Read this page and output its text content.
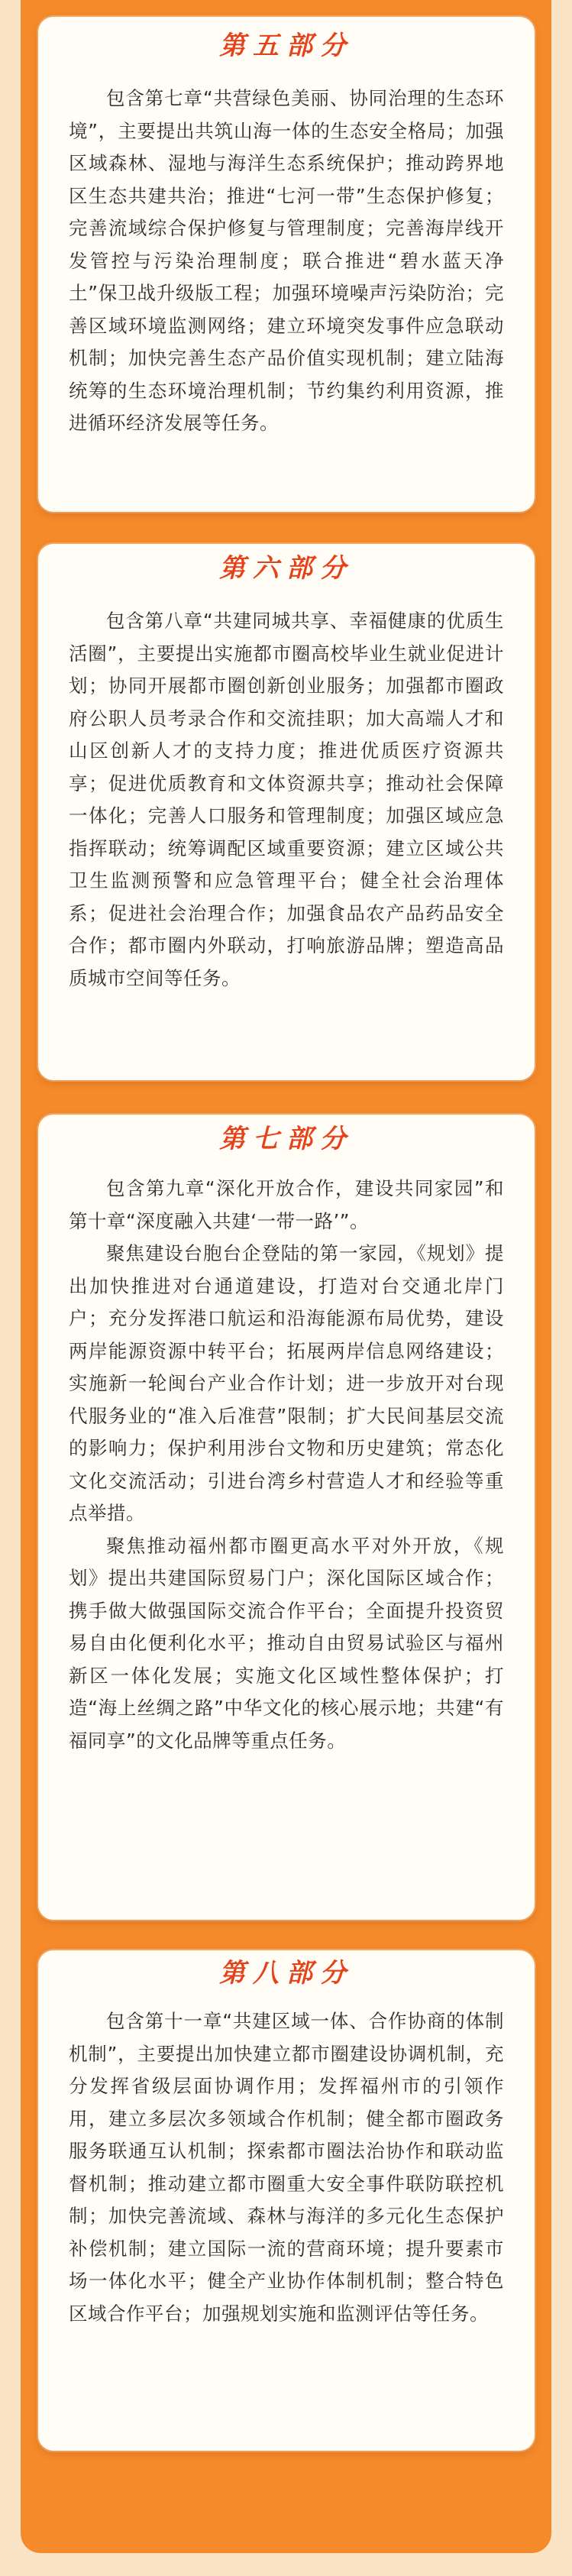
第五部分

包含第七章“共营绿色美丽、协同治理的生态环境”，主要提出共筑山海一体的生态安全格局；加强区域森林、湿地与海洋生态系统保护；推动跨界地区生态共建共治；推进“七河一带”生态保护修复；完善流域综合保护修复与管理制度；完善海岸线开发管控与污染治理制度；联合推进“碧水蓝天净土”保卫战升级版工程；加强环境噪声污染防治；完善区域环境监测网络；建立环境突发事件应急联动机制；加快完善生态产品价值实现机制；建立陆海统筹的生态环境治理机制；节约集约利用资源，推进循环经济发展等任务。

第六部分

包含第八章“共建同城共享、幸福健康的优质生活圈”，主要提出实施都市圈高校毕业生就业促进计划；协同开展都市圈创新创业服务；加强都市圈政府公职人员考录合作和交流挂职；加大高端人才和山区创新人才的支持力度；推进优质医疗资源共享；促进优质教育和文体资源共享；推动社会保障一体化；完善人口服务和管理制度；加强区域应急指挥联动；统筹调配区域重要资源；建立区域公共卫生监测预警和应急管理平台；健全社会治理体系；促进社会治理合作；加强食品农产品药品安全合作；都市圈内外联动，打响旅游品牌；塑造高品质城市空间等任务。

第七部分

包含第九章“深化开放合作，建设共同家园”和第十章“深度融入共建‘一带一路’”。

聚焦建设台胞台企登陆的第一家园，《规划》提出加快推进对台通道建设，打造对台交通北岸门户；充分发挥港口航运和沿海能源布局优势，建设两岸能源资源中转平台；拓展两岸信息网络建设；实施新一轮闽台产业合作计划；进一步放开对台现代服务业的“准入后准营”限制；扩大民间基层交流的影响力；保护利用涉台文物和历史建筑；常态化文化交流活动；引进台湾乡村营造人才和经验等重点举措。

聚焦推动福州都市圈更高水平对外开放，《规划》提出共建国际贸易门户；深化国际区域合作；携手做大做强国际交流合作平台；全面提升投资贸易自由化便利化水平；推动自由贸易试验区与福州新区一体化发展；实施文化区域性整体保护；打造“海上丝绸之路”中华文化的核心展示地；共建“有福同享”的文化品牌等重点任务。

第八部分

包含第十一章“共建区域一体、合作协商的体制机制”，主要提出加快建立都市圈建设协调机制，充分发挥省级层面协调作用；发挥福州市的引领作用，建立多层次多领域合作机制；健全都市圈政务服务联通互认机制；探索都市圈法治协作和联动监督机制；推动建立都市圈重大安全事件联防联控机制；加快完善流域、森林与海洋的多元化生态保护补偿机制；建立国际一流的营商环境；提升要素市场一体化水平；健全产业协作体制机制；整合特色区域合作平台；加强规划实施和监测评估等任务。
